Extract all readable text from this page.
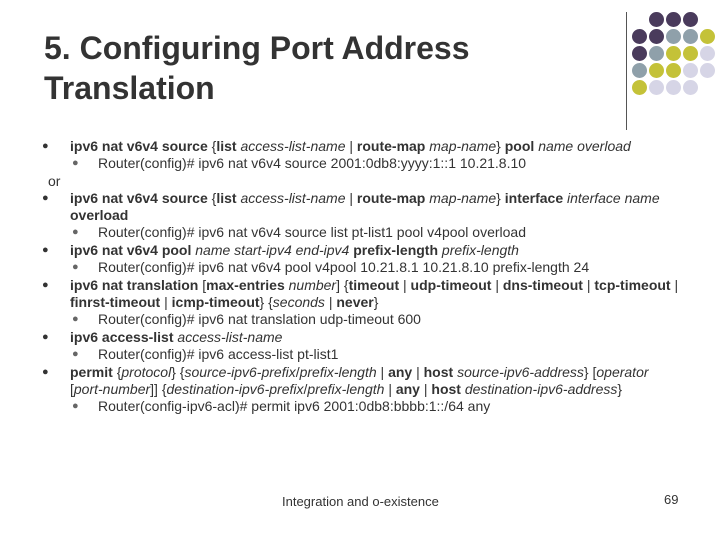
5. Configuring Port Address Translation
● ipv6 nat v6v4 source {list access-list-name | route-map map-name} pool name overload
● Router(config)# ipv6 nat v6v4 source 2001:0db8:yyyy:1::1 10.21.8.10
or
● ipv6 nat v6v4 source {list access-list-name | route-map map-name} interface interface name overload
● Router(config)# ipv6 nat v6v4 source list pt-list1 pool v4pool overload
● ipv6 nat v6v4 pool name start-ipv4 end-ipv4 prefix-length prefix-length
● Router(config)# ipv6 nat v6v4 pool v4pool 10.21.8.1 10.21.8.10 prefix-length 24
● ipv6 nat translation [max-entries number] {timeout | udp-timeout | dns-timeout | tcp-timeout | finrst-timeout | icmp-timeout} {seconds | never}
● Router(config)# ipv6 nat translation udp-timeout 600
● ipv6 access-list access-list-name
● Router(config)# ipv6 access-list pt-list1
● permit {protocol} {source-ipv6-prefix/prefix-length | any | host source-ipv6-address} [operator [port-number]] {destination-ipv6-prefix/prefix-length | any | host destination-ipv6-address}
● Router(config-ipv6-acl)# permit ipv6 2001:0db8:bbbb:1::/64 any
Integration and o-existence	69
